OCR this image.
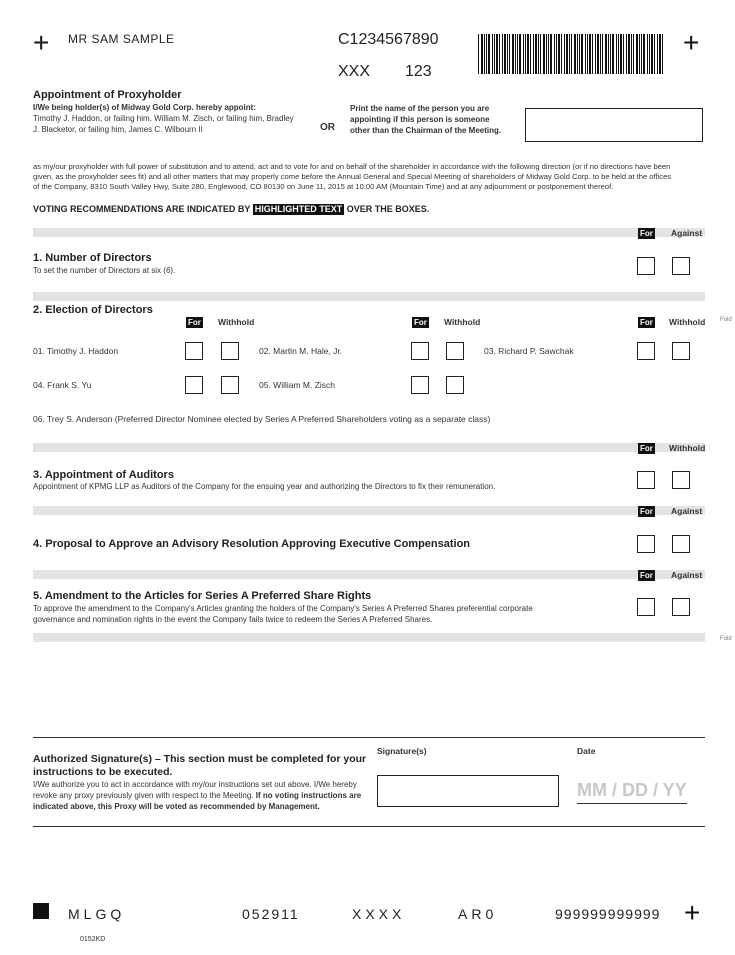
+ MR SAM SAMPLE	C1234567890
XXX 123
+
Appointment of Proxyholder
I/We being holder(s) of Midway Gold Corp. hereby appoint:
Timothy J. Haddon, or failing him, William M. Zisch, or failing him, Bradley
J. Blacketor, or failing him, James C. Wilbourn II	OR
Print the name of the person you are
appointing if this person is someone
other than the Chairman of the Meeting.
as my/our proxyholder with full power of substitution and to attend, act and to vote for and on behalf of the shareholder in accordance with the following direction (or if no directions have been
given, as the proxyholder sees fit) and all other matters that may properly come before the Annual General and Special Meeting of shareholders of Midway Gold Corp. to be held at the offices
of the Company, 8310 South Valley Hwy, Suite 280, Englewood, CO 80130 on June 11, 2015 at 10:00 AM (Mountain Time) and at any adjournment or postponement thereof.
VOTING RECOMMENDATIONS ARE INDICATED BY HIGHLIGHTED TEXT OVER THE BOXES.
For Against
1. Number of Directors
To set the number of Directors at six (6).
2. Election of Directors
For Withhold	For Withhold	For Withhold Fold
01. Timothy J. Haddon	02. Martin M. Hale, Jr.	03. Richard P. Sawchak
04. Frank S. Yu	05. William M. Zisch
06. Trey S. Anderson (Preferred Director Nominee elected by Series A Preferred Shareholders voting as a separate class)
For Withhold
3. Appointment of Auditors
Appointment of KPMG LLP as Auditors of the Company for the ensuing year and authorizing the Directors to fix their remuneration.
For Against
4. Proposal to Approve an Advisory Resolution Approving Executive Compensation
For Against
5. Amendment to the Articles for Series A Preferred Share Rights
To approve the amendment to the Company's Articles granting the holders of the Company's Series A Preferred Shares preferential corporate
governance and nomination rights in the event the Company fails twice to redeem the Series A Preferred Shares.
Fold
Authorized Signature(s) – This section must be completed for your
instructions to be executed.
I/We authorize you to act in accordance with my/our instructions set out above. I/We hereby
revoke any proxy previously given with respect to the Meeting. If no voting instructions are
indicated above, this Proxy will be voted as recommended by Management.
Signature(s)	Date
MM / DD / YY
MLGQ	052911	XXXX	AR0	999999999999 +
0152KD
